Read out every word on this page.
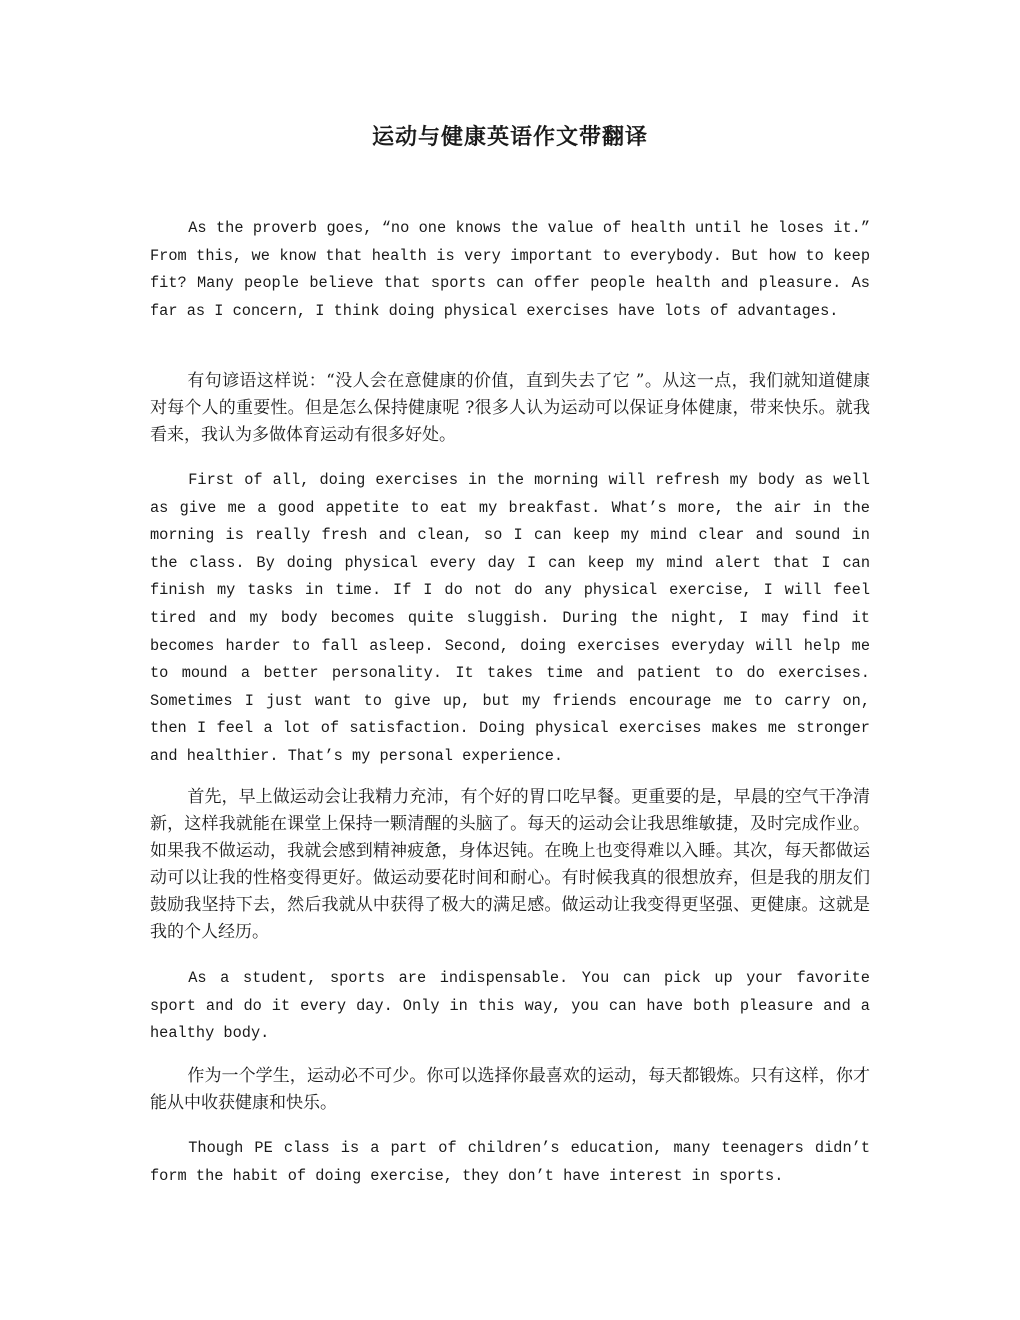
运动与健康英语作文带翻译

As the proverb goes, “no one knows the value of health until he loses it.” From this, we know that health is very important to everybody. But how to keep fit? Many people believe that sports can offer people health and pleasure. As far as I concern, I think doing physical exercises have lots of advantages.

有句谚语这样说：“没人会在意健康的价值，直到失去了它 ”。从这一点，我们就知道健康对每个人的重要性。但是怎么保持健康呢 ?很多人认为运动可以保证身体健康，带来快乐。就我看来，我认为多做体育运动有很多好处。

First of all, doing exercises in the morning will refresh my body as well as give me a good appetite to eat my breakfast. What’s more, the air in the morning is really fresh and clean, so I can keep my mind clear and sound in the class. By doing physical every day I can keep my mind alert that I can finish my tasks in time. If I do not do any physical exercise, I will feel tired and my body becomes quite sluggish. During the night, I may find it becomes harder to fall asleep. Second, doing exercises everyday will help me to mound a better personality. It takes time and patient to do exercises. Sometimes I just want to give up, but my friends encourage me to carry on, then I feel a lot of satisfaction. Doing physical exercises makes me stronger and healthier. That’s my personal experience.

首先，早上做运动会让我精力充沛，有个好的胃口吃早餐。更重要的是，早晨的空气干净清新，这样我就能在课堂上保持一颗清醒的头脑了。每天的运动会让我思维敏捷，及时完成作业。如果我不做运动，我就会感到精神疲惫，身体迟钝。在晚上也变得难以入睡。其次，每天都做运动可以让我的性格变得更好。做运动要花时间和耐心。有时候我真的很想放弃，但是我的朋友们鼓励我坚持下去，然后我就从中获得了极大的满足感。做运动让我变得更坚强、更健康。这就是我的个人经历。

As a student, sports are indispensable. You can pick up your favorite sport and do it every day. Only in this way, you can have both pleasure and a healthy body.

作为一个学生，运动必不可少。你可以选择你最喜欢的运动，每天都锻炼。只有这样，你才能从中收获健康和快乐。

Though PE class is a part of children’s education, many teenagers didn’t form the habit of doing exercise, they don’t have interest in sports.
